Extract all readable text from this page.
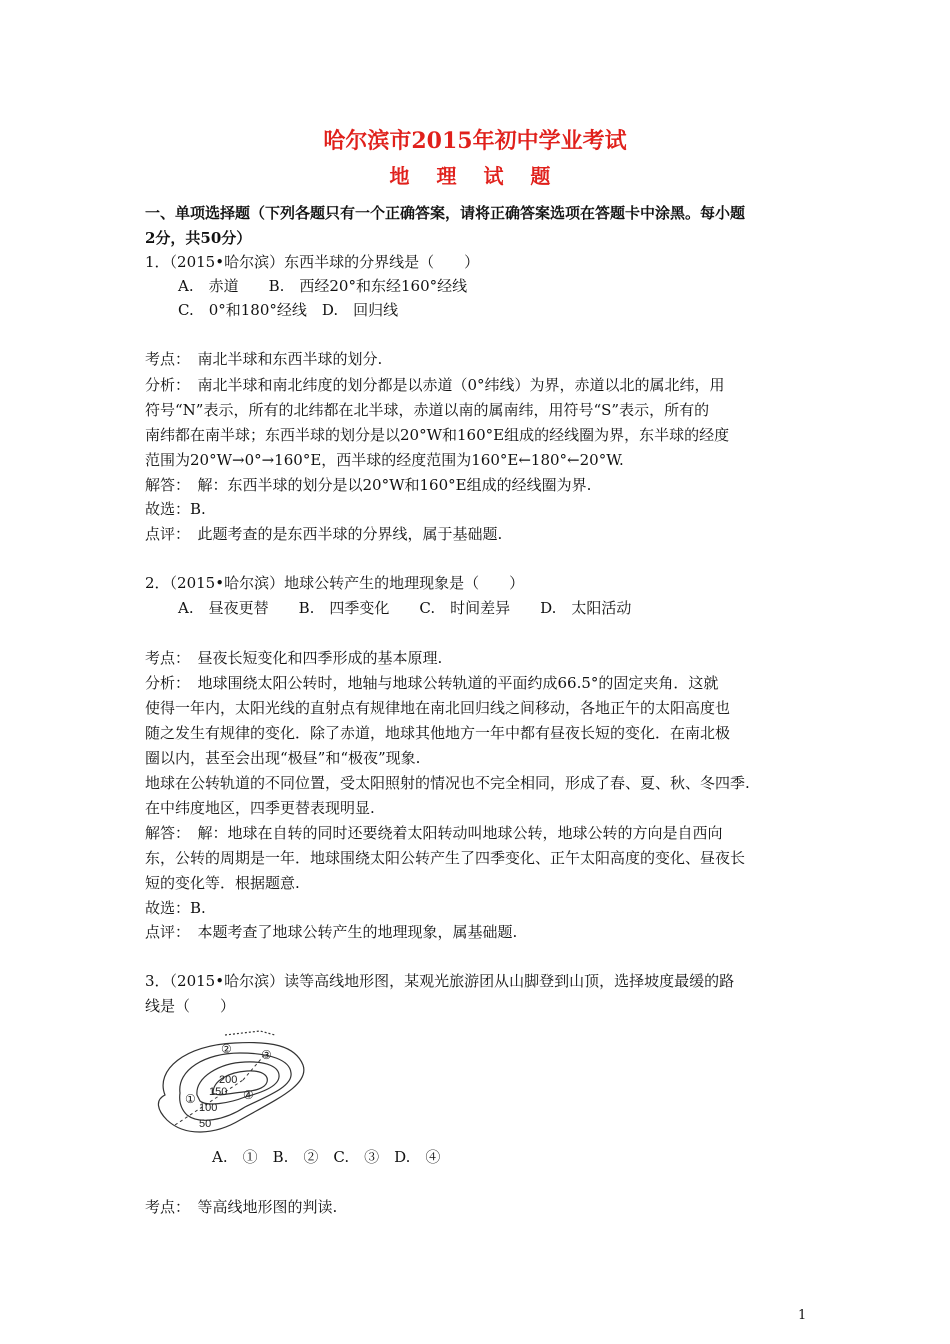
哈尔滨市2015年初中学业考试
地 理 试 题
一、单项选择题（下列各题只有一个正确答案，请将正确答案选项在答题卡中涂黑。每小题
2分，共50分）
1．（2015•哈尔滨）东西半球的分界线是（　　）
A.　赤道　　B.　西经20°和东经160°经线
C.　0°和180°经线　D.　回归线
考点：　南北半球和东西半球的划分.
分析：　南北半球和南北纬度的划分都是以赤道（0°纬线）为界，赤道以北的属北纬，用
符号“N”表示，所有的北纬都在北半球，赤道以南的属南纬，用符号“S”表示，所有的
南纬都在南半球；东西半球的划分是以20°W和160°E组成的经线圈为界，东半球的经度
范围为20°W→0°→160°E，西半球的经度范围为160°E←180°←20°W.
解答：　解：东西半球的划分是以20°W和160°E组成的经线圈为界.
故选：B.
点评：　此题考查的是东西半球的分界线，属于基础题.
2．（2015•哈尔滨）地球公转产生的地理现象是（　　）
A.　昼夜更替　　B.　四季变化　　C.　时间差异　　D.　太阳活动
考点：　昼夜长短变化和四季形成的基本原理.
分析：　地球围绕太阳公转时，地轴与地球公转轨道的平面约成66.5°的固定夹角．这就
使得一年内，太阳光线的直射点有规律地在南北回归线之间移动，各地正午的太阳高度也
随之发生有规律的变化．除了赤道，地球其他地方一年中都有昼夜长短的变化．在南北极
圈以内，甚至会出现“极昼”和“极夜”现象.
地球在公转轨道的不同位置，受太阳照射的情况也不完全相同，形成了春、夏、秋、冬四季.
在中纬度地区，四季更替表现明显.
解答：　解：地球在自转的同时还要绕着太阳转动叫地球公转，地球公转的方向是自西向
东，公转的周期是一年．地球围绕太阳公转产生了四季变化、正午太阳高度的变化、昼夜长
短的变化等．根据题意.
故选：B.
点评：　本题考查了地球公转产生的地理现象，属基础题.
3．（2015•哈尔滨）读等高线地形图，某观光旅游团从山脚登到山顶，选择坡度最缓的路
线是（　　）
200
150
100
50
①
② ③
④
A.　①　B.　②　C.　③　D.　④
考点：　等高线地形图的判读.
1
